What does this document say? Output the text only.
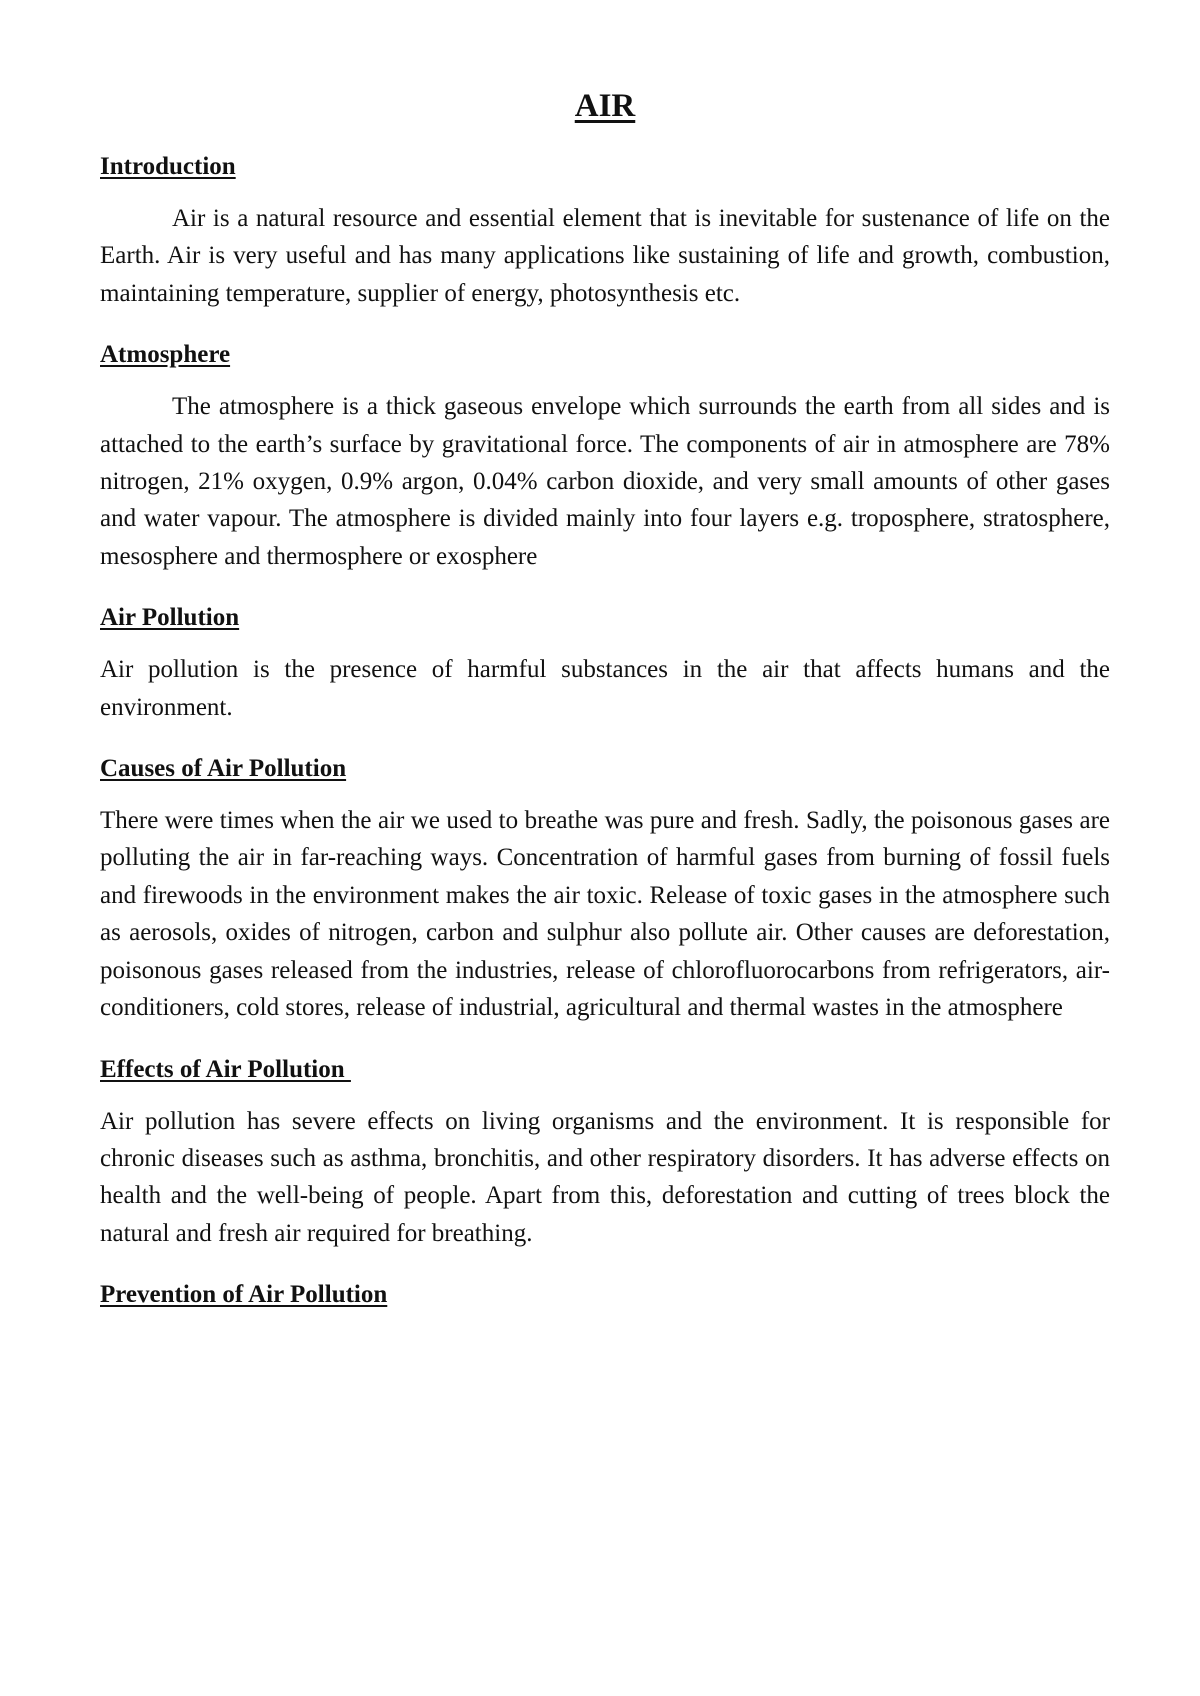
AIR
Introduction

Air is a natural resource and essential element that is inevitable for sustenance of life on the Earth. Air is very useful and has many applications like sustaining of life and growth, combustion, maintaining temperature, supplier of energy, photosynthesis etc.

Atmosphere

The atmosphere is a thick gaseous envelope which surrounds the earth from all sides and is attached to the earth’s surface by gravitational force. The components of air in atmosphere are 78% nitrogen, 21% oxygen, 0.9% argon, 0.04% carbon dioxide, and very small amounts of other gases and water vapour. The atmosphere is divided mainly into four layers e.g. troposphere, stratosphere, mesosphere and thermosphere or exosphere

Air Pollution

Air pollution is the presence of harmful substances in the air that affects humans and the environment.

Causes of Air Pollution

There were times when the air we used to breathe was pure and fresh. Sadly, the poisonous gases are polluting the air in far-reaching ways. Concentration of harmful gases from burning of fossil fuels and firewoods in the environment makes the air toxic. Release of toxic gases in the atmosphere such as aerosols, oxides of nitrogen, carbon and sulphur also pollute air. Other causes are deforestation, poisonous gases released from the industries, release of chlorofluorocarbons from refrigerators, air-conditioners, cold stores, release of industrial, agricultural and thermal wastes in the atmosphere

Effects of Air Pollution

Air pollution has severe effects on living organisms and the environment. It is responsible for chronic diseases such as asthma, bronchitis, and other respiratory disorders. It has adverse effects on health and the well-being of people. Apart from this, deforestation and cutting of trees block the natural and fresh air required for breathing.

Prevention of Air Pollution
